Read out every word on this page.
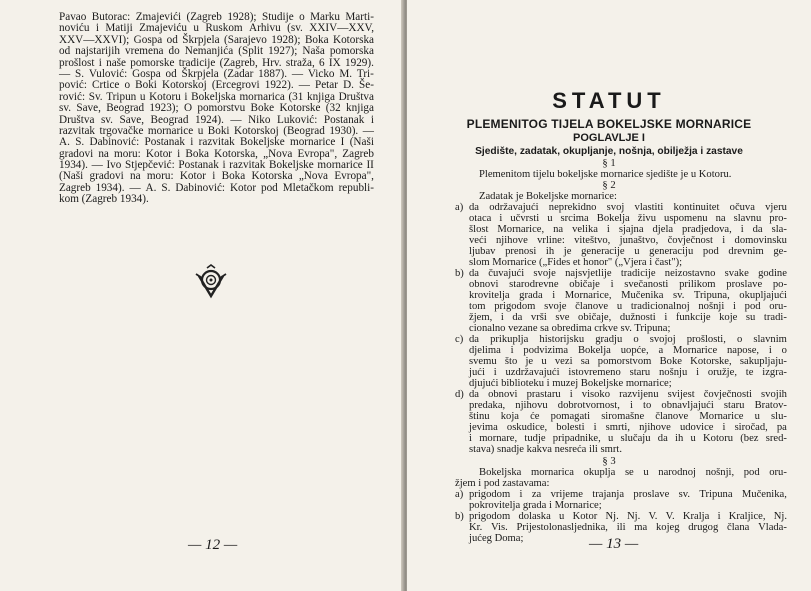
Pavao Butorac: Zmajevići (Zagreb 1928); Studije o Marku Marti-
noviću i Matiji Zmajeviću u Ruskom Arhivu (sv. XXIV—XXV,
XXV—XXVI); Gospa od Škrpjela (Sarajevo 1928); Boka Kotorska
od najstarijih vremena do Nemanjića (Split 1927); Naša pomorska
prošlost i naše pomorske tradicije (Zagreb, Hrv. straža, 6 IX 1929).
— S. Vulović: Gospa od Škrpjela (Zadar 1887). — Vicko M. Tri-
pović: Crtice o Boki Kotorskoj (Ercegrovi 1922). — Petar D. Še-
rović: Sv. Tripun u Kotoru i Bokeljska mornarica (31 knjiga Društva
sv. Save, Beograd 1923); O pomorstvu Boke Kotorske (32 knjiga
Društva sv. Save, Beograd 1924). — Niko Luković: Postanak i
razvitak trgovačke mornarice u Boki Kotorskoj (Beograd 1930). —
A. S. Dabinović: Postanak i razvitak Bokeljske mornarice I (Naši
gradovi na moru: Kotor i Boka Kotorska, „Nova Evropa", Zagreb
1934). — Ivo Stjepčević: Postanak i razvitak Bokeljske mornarice II
(Naši gradovi na moru: Kotor i Boka Kotorska „Nova Evropa",
Zagreb 1934). — A. S. Dabinović: Kotor pod Mletačkom republi-
kom (Zagreb 1934).
— 12 —
STATUT
PLEMENITOG TIJELA BOKELJSKE MORNARICE
POGLAVLJE I
Sjedište, zadatak, okupljanje, nošnja, obilježja i zastave
§ 1
Plemenitom tijelu bokeljske mornarice sjedište je u Kotoru.
§ 2
Zadatak je Bokeljske mornarice:
a) da održavajući neprekidno svoj vlastiti kontinuitet očuva vjeru
otaca i učvrsti u srcima Bokelja živu uspomenu na slavnu pro-
šlost Mornarice, na velika i sjajna djela pradjedova, i da sla-
veći njihove vrline: viteštvo, junaštvo, čovječnost i domovinsku
ljubav prenosi ih je generacije u generaciju pod drevnim ge-
slom Mornarice („Fides et honor" („Vjera i čast");
b) da čuvajući svoje najsvjetlije tradicije neizostavno svake godine
obnovi starodrevne običaje i svečanosti prilikom proslave po-
krovitelja grada i Mornarice, Mučenika sv. Tripuna, okupljajući
tom prigodom svoje članove u tradicionalnoj nošnji i pod oru-
žjem, i da vrši sve običaje, dužnosti i funkcije koje su tradi-
cionalno vezane sa obredima crkve sv. Tripuna;
c) da prikuplja historijsku gradju o svojoj prošlosti, o slavnim
djelima i podvizima Bokelja uopće, a Mornarice napose, i o
svemu što je u vezi sa pomorstvom Boke Kotorske, sakupljaju-
jući i uzdržavajući istovremeno staru nošnju i oružje, te izgra-
djujući biblioteku i muzej Bokeljske mornarice;
d) da obnovi prastaru i visoko razvijenu svijest čovječnosti svojih
predaka, njihovu dobrotvornost, i to obnavljajući staru Bratov-
štinu koja će pomagati siromašne članove Mornarice u slu-
jevima oskudice, bolesti i smrti, njihove udovice i siročad, pa
i mornare, tudje pripadnike, u slučaju da ih u Kotoru (bez sred-
stava) snadje kakva nesreća ili smrt.
§ 3
Bokeljska mornarica okuplja se u narodnoj nošnji, pod oru-
žjem i pod zastavama:
a) prigodom i za vrijeme trajanja proslave sv. Tripuna Mučenika,
pokrovitelja grada i Mornarice;
b) prigodom dolaska u Kotor Nj. Nj. V. V. Kralja i Kraljice, Nj.
Kr. Vis. Prijestolonasljednika, ili ma kojeg drugog člana Vlada-
jućeg Doma;	— 13 —
